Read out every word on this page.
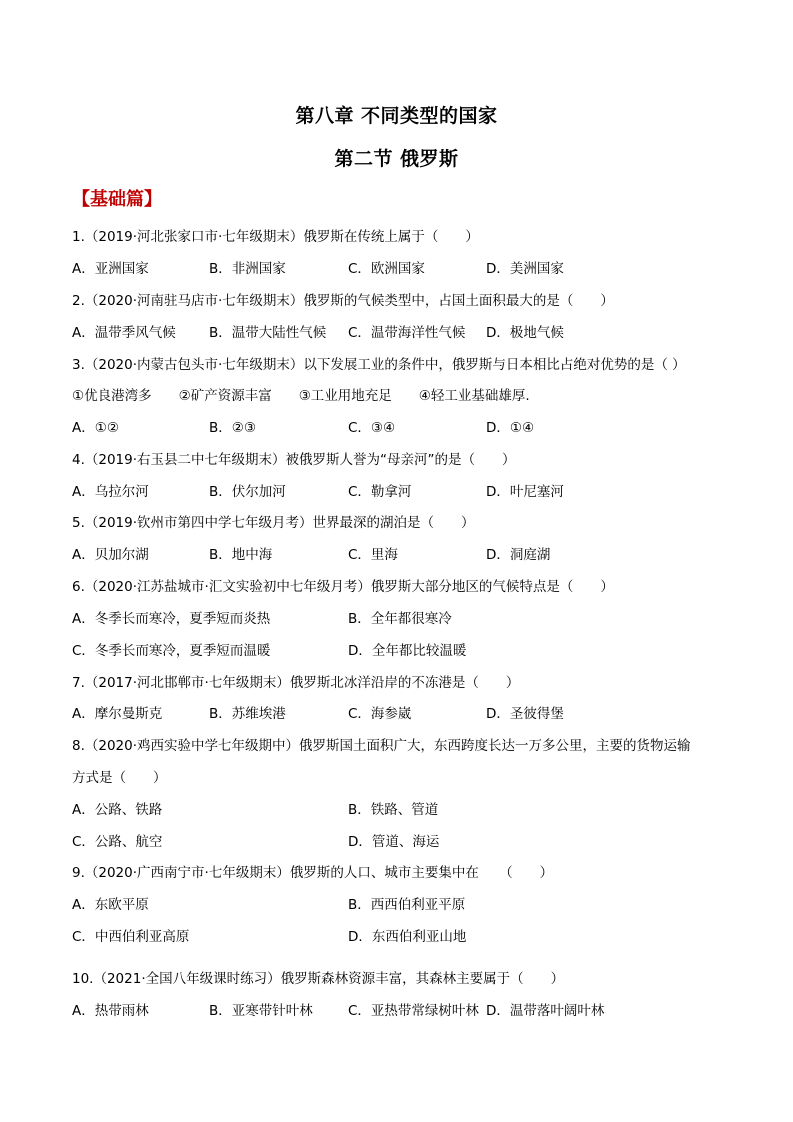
第八章 不同类型的国家
第二节 俄罗斯
【基础篇】
1.（2019·河北张家口市·七年级期末）俄罗斯在传统上属于（　　）
A．亚洲国家	B．非洲国家	C．欧洲国家	D．美洲国家
2.（2020·河南驻马店市·七年级期末）俄罗斯的气候类型中，占国土面积最大的是（　　）
A．温带季风气候 B．温带大陆性气候 C．温带海洋性气候 D．极地气候
3.（2020·内蒙古包头市·七年级期末）以下发展工业的条件中，俄罗斯与日本相比占绝对优势的是（ ）
①优良港湾多　　②矿产资源丰富　　③工业用地充足　　④轻工业基础雄厚.
A．①②	B．②③	C．③④	D．①④
4.（2019·右玉县二中七年级期末）被俄罗斯人誉为“母亲河”的是（　　）
A．乌拉尔河	B．伏尔加河	C．勒拿河	D．叶尼塞河
5.（2019·钦州市第四中学七年级月考）世界最深的湖泊是（　　）
A．贝加尔湖	B．地中海	C．里海	D．洞庭湖
6.（2020·江苏盐城市·汇文实验初中七年级月考）俄罗斯大部分地区的气候特点是（　　）
A．冬季长而寒冷，夏季短而炎热	B．全年都很寒冷
C．冬季长而寒冷，夏季短而温暖	D．全年都比较温暖
7.（2017·河北邯郸市·七年级期末）俄罗斯北冰洋沿岸的不冻港是（　　）
A．摩尔曼斯克	B．苏维埃港	C．海参崴	D．圣彼得堡
8.（2020·鸡西实验中学七年级期中）俄罗斯国土面积广大，东西跨度长达一万多公里，主要的货物运输
方式是（　　）
A．公路、铁路	B．铁路、管道
C．公路、航空	D．管道、海运
9.（2020·广西南宁市·七年级期末）俄罗斯的人口、城市主要集中在　　（　　）
A．东欧平原	B．西西伯利亚平原
C．中西伯利亚高原	D．东西伯利亚山地
10.（2021·全国八年级课时练习）俄罗斯森林资源丰富，其森林主要属于（　　）
A．热带雨林	B．亚寒带针叶林	C．亚热带常绿树叶林 D．温带落叶阔叶林
